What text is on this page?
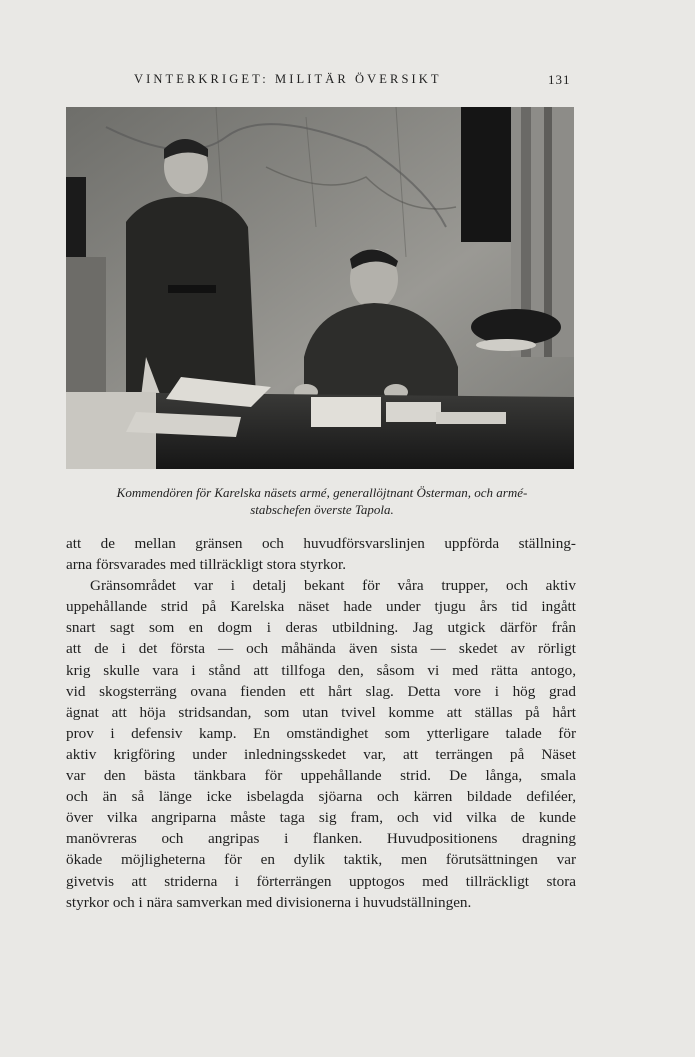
VINTERKRIGET: MILITÄR ÖVERSIKT	131
Kommendören för Karelska näsets armé, generallöjtnant Österman, och armé-
stabschefen överste Tapola.
att de mellan gränsen och huvudförsvarslinjen uppförda ställning-
arna försvarades med tillräckligt stora styrkor.
Gränsområdet var i detalj bekant för våra trupper, och aktiv
uppehållande strid på Karelska näset hade under tjugu års tid ingått
snart sagt som en dogm i deras utbildning. Jag utgick därför från
att de i det första — och måhända även sista — skedet av rörligt
krig skulle vara i stånd att tillfoga den, såsom vi med rätta antogo,
vid skogsterräng ovana fienden ett hårt slag. Detta vore i hög grad
ägnat att höja stridsandan, som utan tvivel komme att ställas på hårt
prov i defensiv kamp. En omständighet som ytterligare talade för
aktiv krigföring under inledningsskedet var, att terrängen på Näset
var den bästa tänkbara för uppehållande strid. De långa, smala
och än så länge icke isbelagda sjöarna och kärren bildade defiléer,
över vilka angriparna måste taga sig fram, och vid vilka de kunde
manövreras och angripas i flanken. Huvudpositionens dragning
ökade möjligheterna för en dylik taktik, men förutsättningen var
givetvis att striderna i förterrängen upptogos med tillräckligt stora
styrkor och i nära samverkan med divisionerna i huvudställningen.
